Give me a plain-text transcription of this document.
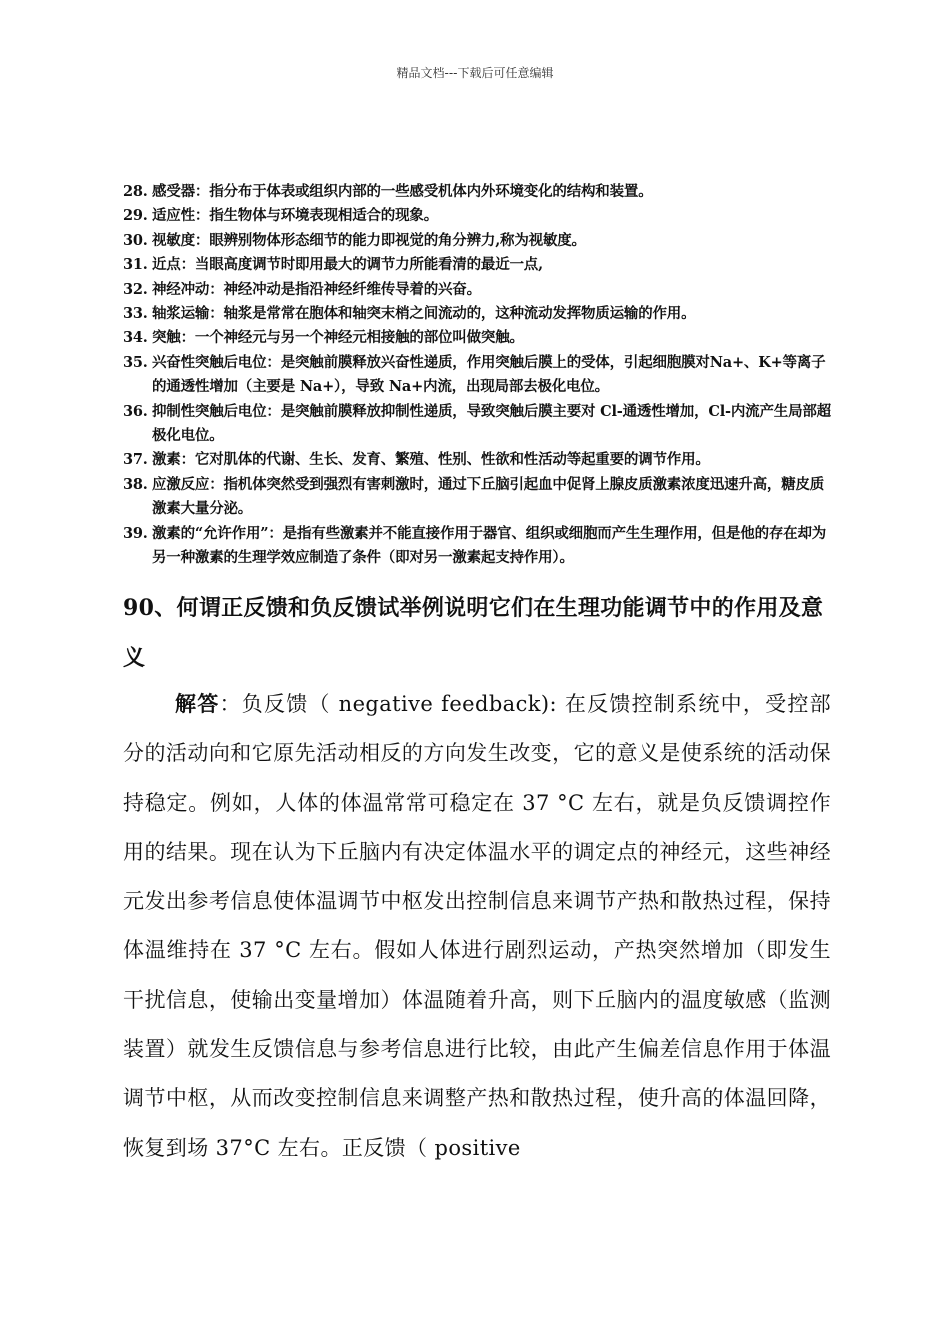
精品文档---下载后可任意编辑
28. 感受器：指分布于体表或组织内部的一些感受机体内外环境变化的结构和装置。
29. 适应性：指生物体与环境表现相适合的现象。
30. 视敏度：眼辨别物体形态细节的能力即视觉的角分辨力,称为视敏度。
31. 近点：当眼高度调节时即用最大的调节力所能看清的最近一点,
32. 神经冲动：神经冲动是指沿神经纤维传导着的兴奋。
33. 轴浆运输：轴浆是常常在胞体和轴突末梢之间流动的，这种流动发挥物质运输的作用。
34. 突触：一个神经元与另一个神经元相接触的部位叫做突触。
35. 兴奋性突触后电位：是突触前膜释放兴奋性递质，作用突触后膜上的受体，引起细胞膜对Na+、K+等离子的通透性增加（主要是 Na+），导致 Na+内流，出现局部去极化电位。
36. 抑制性突触后电位：是突触前膜释放抑制性递质，导致突触后膜主要对 Cl-通透性增加，Cl-内流产生局部超极化电位。
37. 激素：它对肌体的代谢、生长、发育、繁殖、性别、性欲和性活动等起重要的调节作用。
38. 应激反应：指机体突然受到强烈有害刺激时，通过下丘脑引起血中促肾上腺皮质激素浓度迅速升高，糖皮质激素大量分泌。
39. 激素的“允许作用”：是指有些激素并不能直接作用于器官、组织或细胞而产生生理作用，但是他的存在却为另一种激素的生理学效应制造了条件（即对另一激素起支持作用）。
90、何谓正反馈和负反馈试举例说明它们在生理功能调节中的作用及意义

解答：负反馈（ negative feedback): 在反馈控制系统中，受控部分的活动向和它原先活动相反的方向发生改变，它的意义是使系统的活动保持稳定。例如，人体的体温常常可稳定在 37 °C 左右，就是负反馈调控作用的结果。现在认为下丘脑内有决定体温水平的调定点的神经元，这些神经元发出参考信息使体温调节中枢发出控制信息来调节产热和散热过程，保持体温维持在 37 °C 左右。假如人体进行剧烈运动，产热突然增加（即发生干扰信息，使输出变量增加）体温随着升高，则下丘脑内的温度敏感（监测装置）就发生反馈信息与参考信息进行比较，由此产生偏差信息作用于体温调节中枢，从而改变控制信息来调整产热和散热过程，使升高的体温回降，恢复到场 37°C 左右。正反馈（ positive
